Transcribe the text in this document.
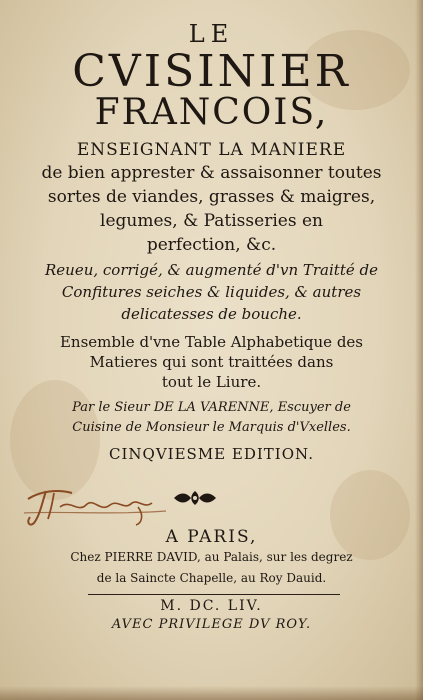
LE
CVISINIER
FRANCOIS,
ENSEIGNANT LA MANIERE
de bien apprester & assaisonner toutes
sortes de viandes, grasses & maigres,
legumes, & Patisseries en
perfection, &c.
Reueu, corrigé, & augmenté d'vn Traitté de
Confitures seiches & liquides, & autres
delicatesses de bouche.
Ensemble d'vne Table Alphabetique des
Matieres qui sont traittées dans
tout le Liure.
Par le Sieur DE LA VARENNE, Escuyer de
Cuisine de Monsieur le Marquis d'Vxelles.
CINQVIESME EDITION.
A PARIS,
Chez PIERRE DAVID, au Palais, sur les degrez
de la Saincte Chapelle, au Roy Dauid.
M. DC. LIV.
AVEC PRIVILEGE DV ROY.
